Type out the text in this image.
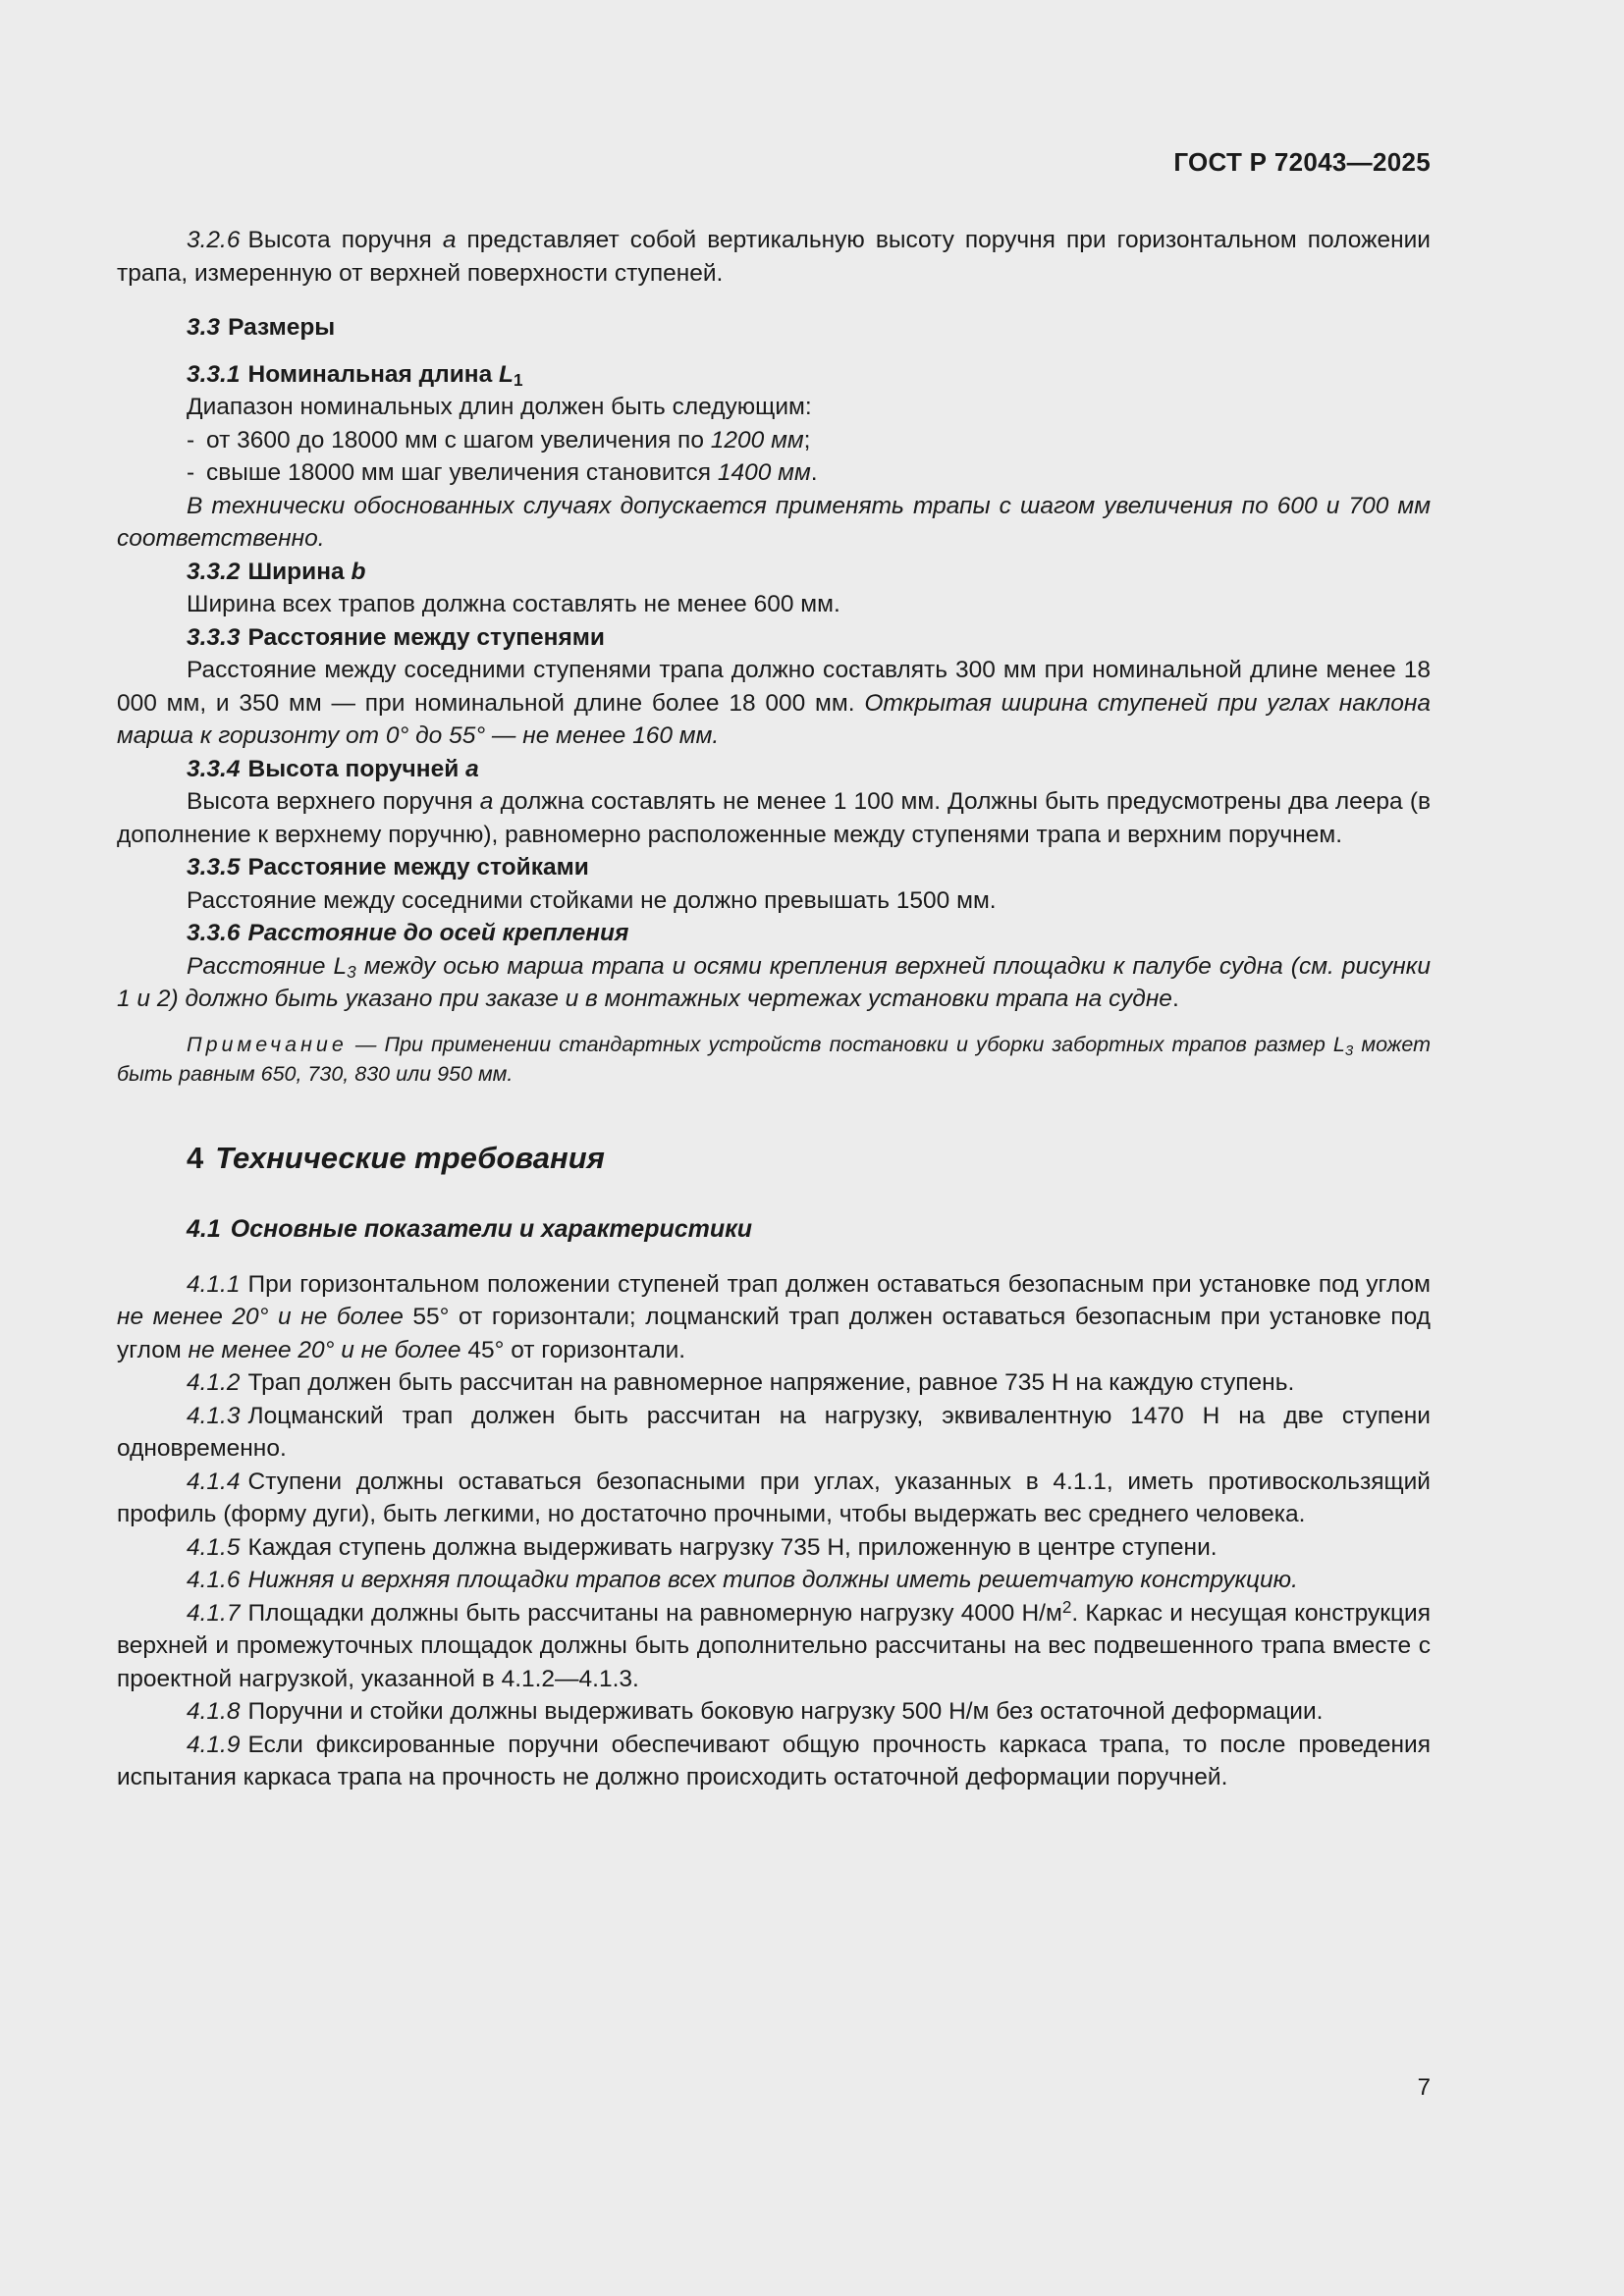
ГОСТ Р 72043—2025

3.2.6 Высота поручня a представляет собой вертикальную высоту поручня при горизонтальном положении трапа, измеренную от верхней поверхности ступеней.

3.3 Размеры

3.3.1 Номинальная длина $L_1$

Диапазон номинальных длин должен быть следующим:

- от 3600 до 18000 мм с шагом увеличения по 1200 мм;

- свыше 18000 мм шаг увеличения становится 1400 мм.

В технически обоснованных случаях допускается применять трапы с шагом увеличения по 600 и 700 мм соответственно.

3.3.2 Ширина b

Ширина всех трапов должна составлять не менее 600 мм.

3.3.3 Расстояние между ступенями

Расстояние между соседними ступенями трапа должно составлять 300 мм при номинальной длине менее 18 000 мм, и 350 мм — при номинальной длине более 18 000 мм. Открытая ширина ступеней при углах наклона марша к горизонту от 0° до 55° — не менее 160 мм.

3.3.4 Высота поручней a

Высота верхнего поручня a должна составлять не менее 1 100 мм. Должны быть предусмотрены два леера (в дополнение к верхнему поручню), равномерно расположенные между ступенями трапа и верхним поручнем.

3.3.5 Расстояние между стойками

Расстояние между соседними стойками не должно превышать 1500 мм.

3.3.6 Расстояние до осей крепления

Расстояние $L_3$ между осью марша трапа и осями крепления верхней площадки к палубе судна (см. рисунки 1 и 2) должно быть указано при заказе и в монтажных чертежах установки трапа на судне.

Примечание — При применении стандартных устройств постановки и уборки забортных трапов размер $L_3$ может быть равным 650, 730, 830 или 950 мм.

4 Технические требования

4.1 Основные показатели и характеристики

4.1.1 При горизонтальном положении ступеней трап должен оставаться безопасным при установке под углом не менее 20° и не более 55° от горизонтали; лоцманский трап должен оставаться безопасным при установке под углом не менее 20° и не более 45° от горизонтали.

4.1.2 Трап должен быть рассчитан на равномерное напряжение, равное 735 Н на каждую ступень.

4.1.3 Лоцманский трап должен быть рассчитан на нагрузку, эквивалентную 1470 Н на две ступени одновременно.

4.1.4 Ступени должны оставаться безопасными при углах, указанных в 4.1.1, иметь противоскользящий профиль (форму дуги), быть легкими, но достаточно прочными, чтобы выдержать вес среднего человека.

4.1.5 Каждая ступень должна выдерживать нагрузку 735 Н, приложенную в центре ступени.

4.1.6 Нижняя и верхняя площадки трапов всех типов должны иметь решетчатую конструкцию.

4.1.7 Площадки должны быть рассчитаны на равномерную нагрузку 4000 $Н/м^2$. Каркас и несущая конструкция верхней и промежуточных площадок должны быть дополнительно рассчитаны на вес подвешенного трапа вместе с проектной нагрузкой, указанной в 4.1.2—4.1.3.

4.1.8 Поручни и стойки должны выдерживать боковую нагрузку 500 Н/м без остаточной деформации.

4.1.9 Если фиксированные поручни обеспечивают общую прочность каркаса трапа, то после проведения испытания каркаса трапа на прочность не должно происходить остаточной деформации поручней.

7
